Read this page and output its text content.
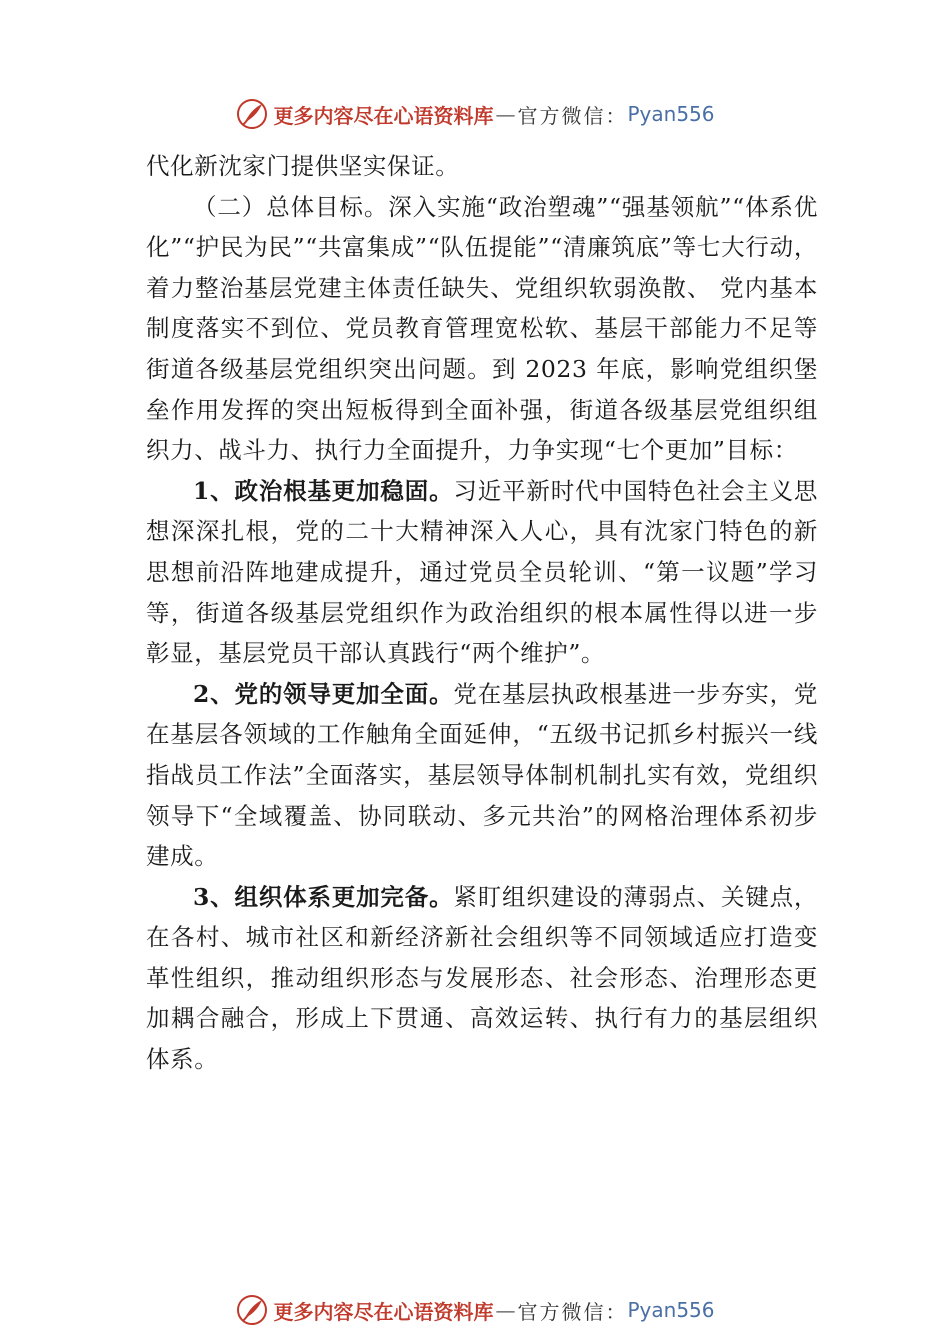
更多内容尽在心语资料库 — 官方微信： Pyan556

代化新沈家门提供坚实保证。

（二）总体目标。深入实施“政治塑魂”“强基领航”“体系优化”“护民为民”“共富集成”“队伍提能”“清廉筑底”等七大行动，着力整治基层党建主体责任缺失、党组织软弱涣散、 党内基本制度落实不到位、党员教育管理宽松软、基层干部能力不足等街道各级基层党组织突出问题。到 2023 年底，影响党组织堡垒作用发挥的突出短板得到全面补强，街道各级基层党组织组织力、战斗力、执行力全面提升，力争实现“七个更加”目标：

1、政治根基更加稳固。习近平新时代中国特色社会主义思想深深扎根，党的二十大精神深入人心，具有沈家门特色的新思想前沿阵地建成提升，通过党员全员轮训、“第一议题”学习等，街道各级基层党组织作为政治组织的根本属性得以进一步彰显，基层党员干部认真践行“两个维护”。

2、党的领导更加全面。党在基层执政根基进一步夯实，党在基层各领域的工作触角全面延伸，“五级书记抓乡村振兴一线指战员工作法”全面落实，基层领导体制机制扎实有效，党组织领导下“全域覆盖、协同联动、多元共治”的网格治理体系初步建成。

3、组织体系更加完备。紧盯组织建设的薄弱点、关键点，在各村、城市社区和新经济新社会组织等不同领域适应打造变革性组织，推动组织形态与发展形态、社会形态、治理形态更加耦合融合，形成上下贯通、高效运转、执行有力的基层组织体系。

更多内容尽在心语资料库 — 官方微信： Pyan556
